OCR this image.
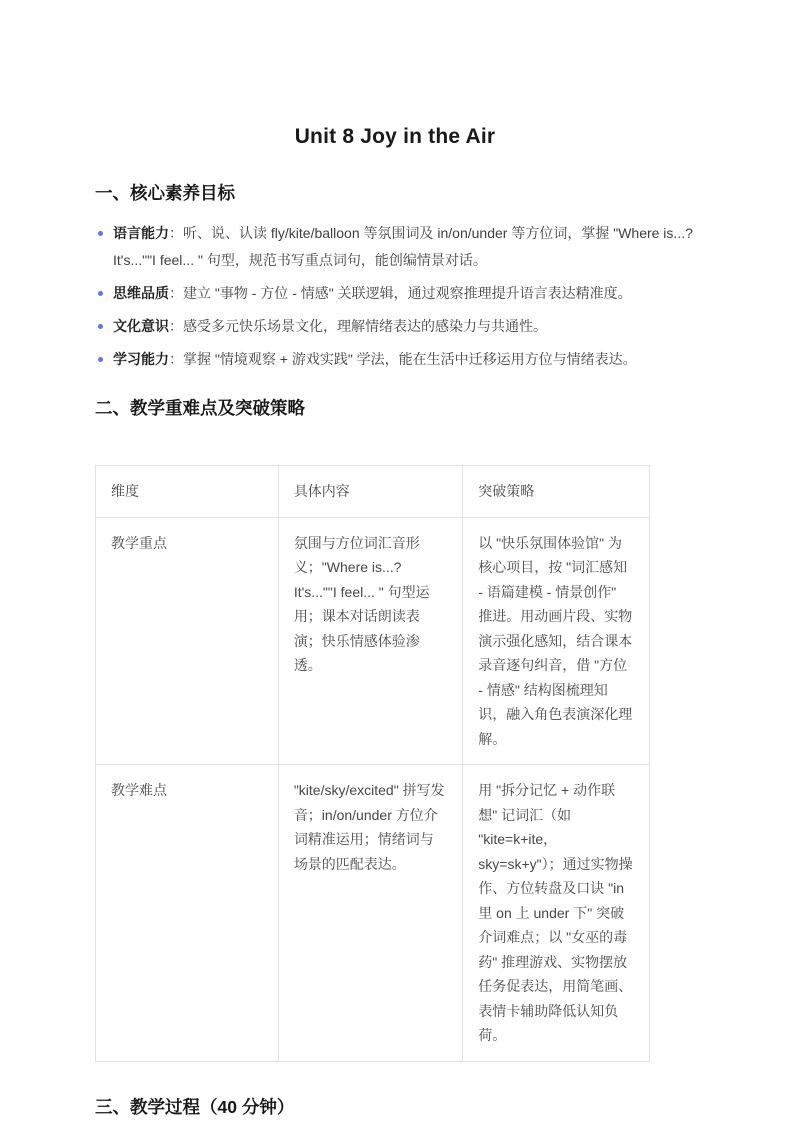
Unit 8 Joy in the Air
一、核心素养目标
语言能力：听、说、认读 fly/kite/balloon 等氛围词及 in/on/under 等方位词，掌握 "Where is...? It's...""I feel... " 句型，规范书写重点词句，能创编情景对话。
思维品质：建立 "事物 - 方位 - 情感" 关联逻辑，通过观察推理提升语言表达精准度。
文化意识：感受多元快乐场景文化，理解情绪表达的感染力与共通性。
学习能力：掌握 "情境观察 + 游戏实践" 学法，能在生活中迁移运用方位与情绪表达。
二、教学重难点及突破策略
维度	具体内容	突破策略
教学重点	氛围与方位词汇音形义；"Where is...? It's...""I feel... " 句型运用；课本对话朗读表演；快乐情感体验渗透。	以 "快乐氛围体验馆" 为核心项目，按 "词汇感知 - 语篇建模 - 情景创作" 推进。用动画片段、实物演示强化感知，结合课本录音逐句纠音，借 "方位 - 情感" 结构图梳理知识，融入角色表演深化理解。
教学难点	"kite/sky/excited" 拼写发音；in/on/under 方位介词精准运用；情绪词与场景的匹配表达。	用 "拆分记忆 + 动作联想" 记词汇（如 "kite=k+ite，sky=sk+y"）；通过实物操作、方位转盘及口诀 "in 里 on 上 under 下" 突破介词难点；以 "女巫的毒药" 推理游戏、实物摆放任务促表达，用简笔画、表情卡辅助降低认知负荷。
三、教学过程（40 分钟）
